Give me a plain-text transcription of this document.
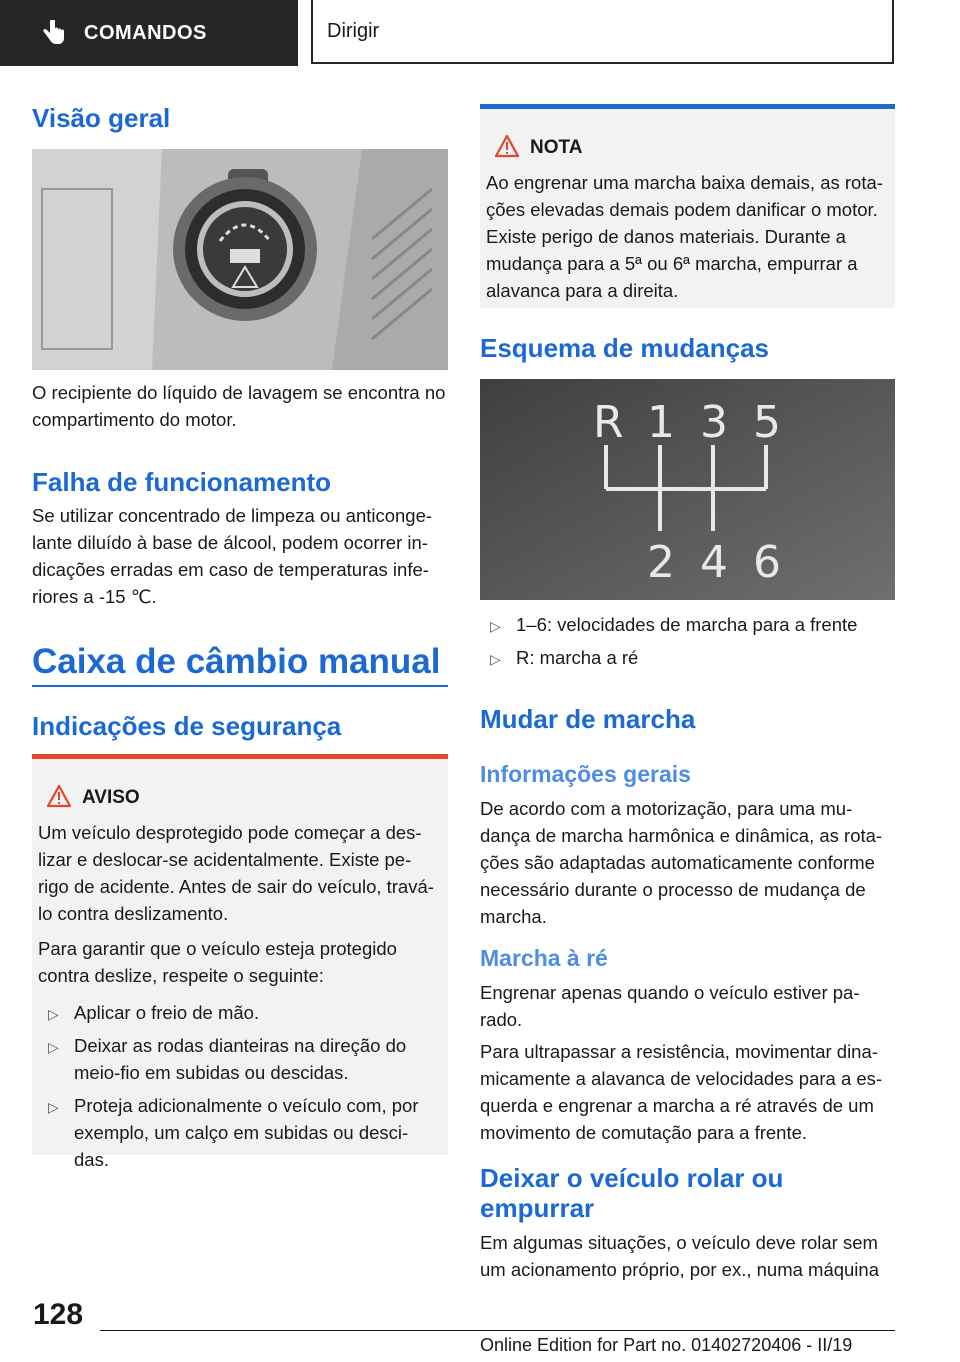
COMANDOS	Dirigir
Visão geral

O recipiente do líquido de lavagem se encontra no compartimento do motor.

Falha de funcionamento

Se utilizar concentrado de limpeza ou anticongelante diluído à base de álcool, podem ocorrer indicações erradas em caso de temperaturas inferiores a -15 ℃.

Caixa de câmbio manual
Indicações de segurança
AVISO

Um veículo desprotegido pode começar a deslizar e deslocar-se acidentalmente. Existe perigo de acidente. Antes de sair do veículo, travá-lo contra deslizamento.

Para garantir que o veículo esteja protegido contra deslize, respeite o seguinte:

▷ Aplicar o freio de mão.
▷ Deixar as rodas dianteiras na direção do meio-fio em subidas ou descidas.
▷ Proteja adicionalmente o veículo com, por exemplo, um calço em subidas ou descidas.
NOTA

Ao engrenar uma marcha baixa demais, as rotações elevadas demais podem danificar o motor. Existe perigo de danos materiais. Durante a mudança para a 5ª ou 6ª marcha, empurrar a alavanca para a direita.

Esquema de mudanças
R 1 3 5
2 4 6
▷ 1–6: velocidades de marcha para a frente
▷ R: marcha a ré
Mudar de marcha
Informações gerais

De acordo com a motorização, para uma mudança de marcha harmônica e dinâmica, as rotações são adaptadas automaticamente conforme necessário durante o processo de mudança de marcha.

Marcha à ré

Engrenar apenas quando o veículo estiver parado.

Para ultrapassar a resistência, movimentar dinamicamente a alavanca de velocidades para a esquerda e engrenar a marcha a ré através de um movimento de comutação para a frente.

Deixar o veículo rolar ou
empurrar

Em algumas situações, o veículo deve rolar sem um acionamento próprio, por ex., numa máquina

128
Online Edition for Part no. 01402720406 - II/19
